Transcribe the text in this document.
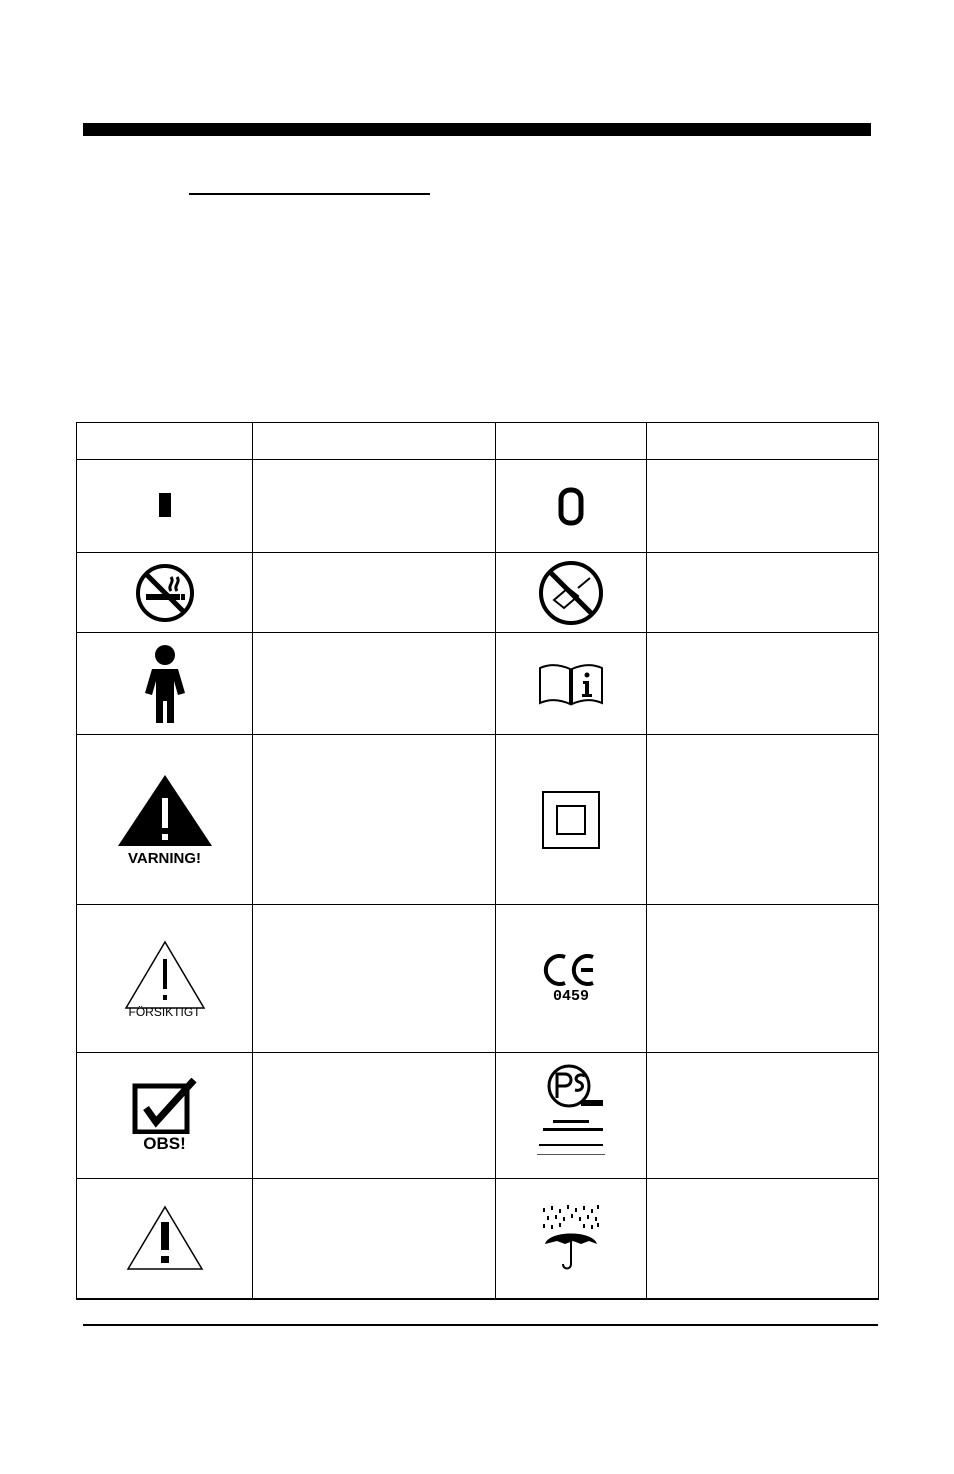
VARNING!

FÖRSIKTIGT		0459	

OBS!
